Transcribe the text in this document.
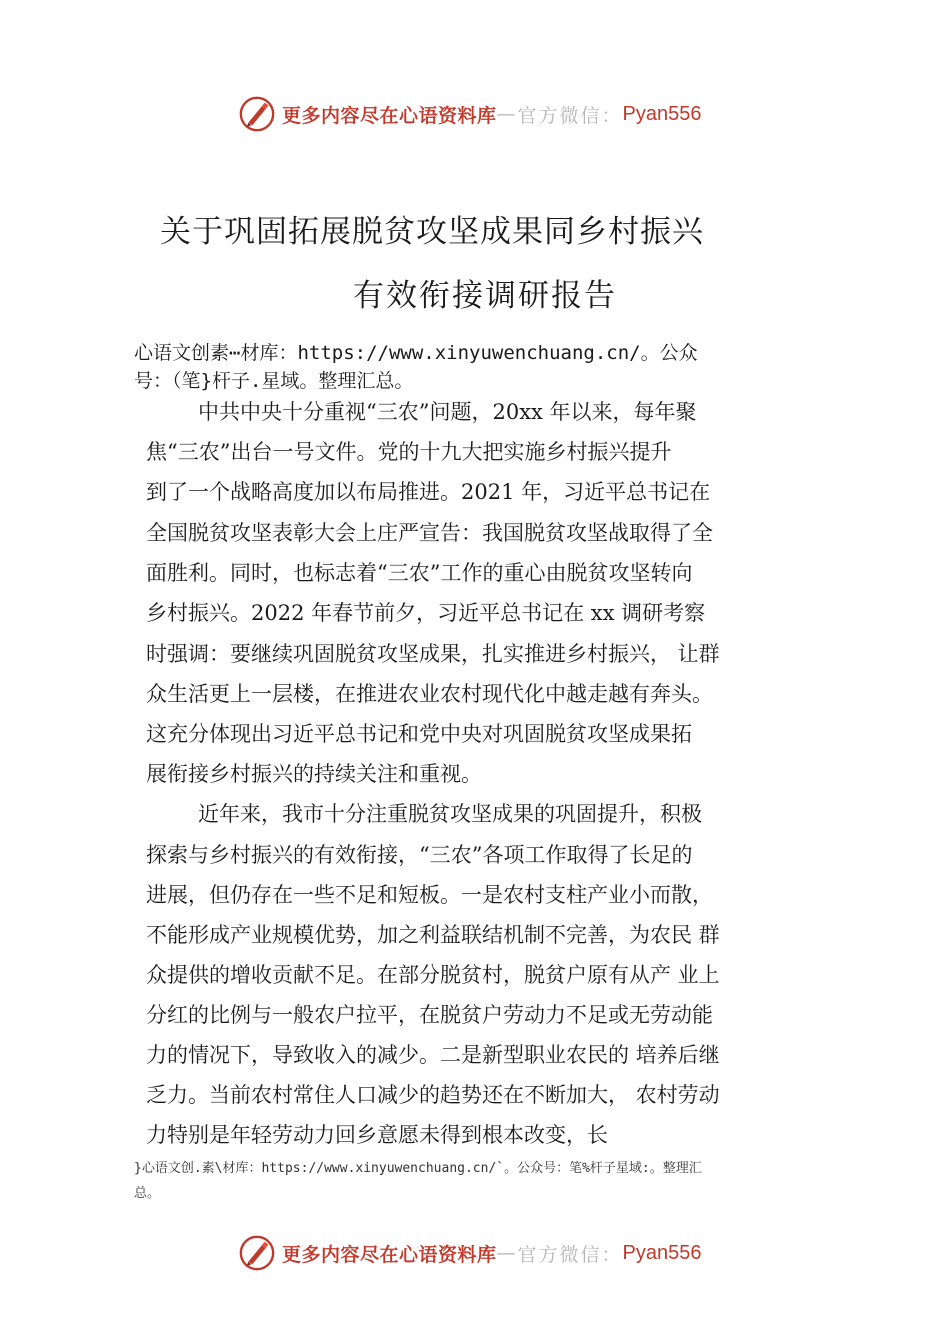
更多内容尽在心语资料库 — 官方微信： Pyan556
关于巩固拓展脱贫攻坚成果同乡村振兴
有效衔接调研报告
心语文创素⋯材库：https://www.xinyuwenchuang.cn/。公众
号：（笔}杆子.星域。整理汇总。
中共中央十分重视“三农”问题，20xx 年以来，每年聚
焦“三农”出台一号文件。党的十九大把实施乡村振兴提升
到了一个战略高度加以布局推进。2021 年，习近平总书记在
全国脱贫攻坚表彰大会上庄严宣告：我国脱贫攻坚战取得了全
面胜利。同时，也标志着“三农”工作的重心由脱贫攻坚转向
乡村振兴。2022 年春节前夕，习近平总书记在 xx 调研考察
时强调：要继续巩固脱贫攻坚成果，扎实推进乡村振兴， 让群
众生活更上一层楼，在推进农业农村现代化中越走越有奔头。
这充分体现出习近平总书记和党中央对巩固脱贫攻坚成果拓
展衔接乡村振兴的持续关注和重视。
近年来，我市十分注重脱贫攻坚成果的巩固提升，积极
探索与乡村振兴的有效衔接，“三农”各项工作取得了长足的
进展，但仍存在一些不足和短板。一是农村支柱产业小而散，
不能形成产业规模优势，加之利益联结机制不完善，为农民 群
众提供的增收贡献不足。在部分脱贫村，脱贫户原有从产 业上
分红的比例与一般农户拉平，在脱贫户劳动力不足或无劳动能
力的情况下，导致收入的减少。二是新型职业农民的 培养后继
乏力。当前农村常住人口减少的趋势还在不断加大， 农村劳动
力特别是年轻劳动力回乡意愿未得到根本改变，长
}心语文创.素\材库：https://www.xinyuwenchuang.cn/`。公众号：笔%杆子星域:。整理汇
总。
更多内容尽在心语资料库 — 官方微信： Pyan556
